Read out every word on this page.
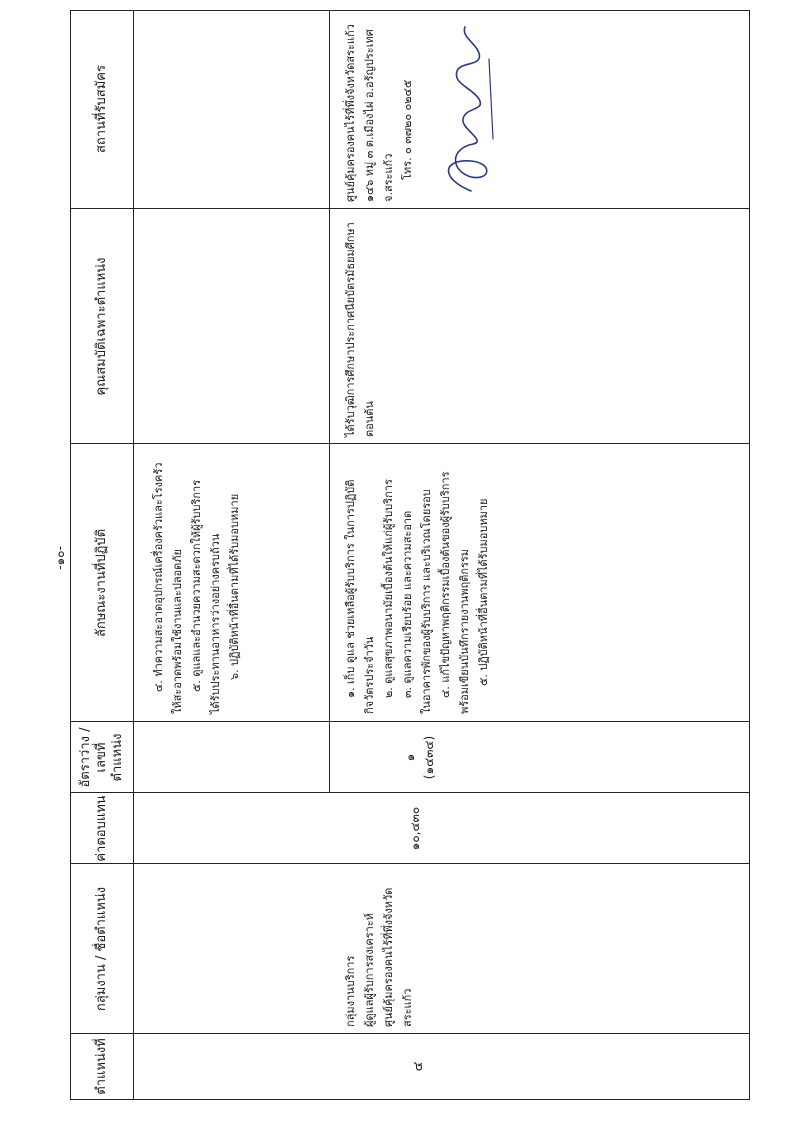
-๑๐-
ตำแหน่งที่
กลุ่มงาน / ชื่อตำแหน่ง
ค่าตอบแทน
อัตราว่าง / เลขที่ตำแหน่ง
ลักษณะงานที่ปฏิบัติ
คุณสมบัติเฉพาะตำแหน่ง
สถานที่รับสมัคร
๔. ทำความสะอาดอุปกรณ์เครื่องครัวและโรงครัว ให้สะอาดพร้อมใช้งานและปลอดภัย ๕. ดูแลและอำนวยความสะดวกให้ผู้รับบริการ ได้รับประทานอาหารว่างอย่างครบถ้วน ๖. ปฏิบัติหน้าที่อื่นตามที่ได้รับมอบหมาย
๔
กลุ่มงานบริการ ผู้ดูแลผู้รับการสงเคราะห์ ศูนย์คุ้มครองคนไร้ที่พึ่งจังหวัด สระแก้ว
๑๐,๔๓๐
๑ (๑๔๓๔)
๑. เก็บ ดูแล ช่วยเหลือผู้รับบริการ ในการปฏิบัติ กิจวัตรประจำวัน ๒. ดูแลสุขภาพอนามัยเบื้องต้นให้แก่ผู้รับบริการ ๓. ดูแลความเรียบร้อย และความสะอาด ในอาคารพักของผู้รับบริการ และบริเวณโดยรอบ ๔. แก้ไขปัญหาพฤติกรรมเบื้องต้นของผู้รับบริการ พร้อมเขียนบันทึกรายงานพฤติกรรม ๕. ปฏิบัติหน้าที่อื่นตามที่ได้รับมอบหมาย
ได้รับวุฒิการศึกษาประกาศนียบัตรมัธยมศึกษา ตอนต้น
ศูนย์คุ้มครองคนไร้ที่พึ่งจังหวัดสระแก้ว ๑๔๖ หมู่ ๓ ต.เมืองไผ่ อ.อรัญประเทศ จ.สระแก้ว โทร. ๐ ๓๗๒๐ ๐๒๔๕
